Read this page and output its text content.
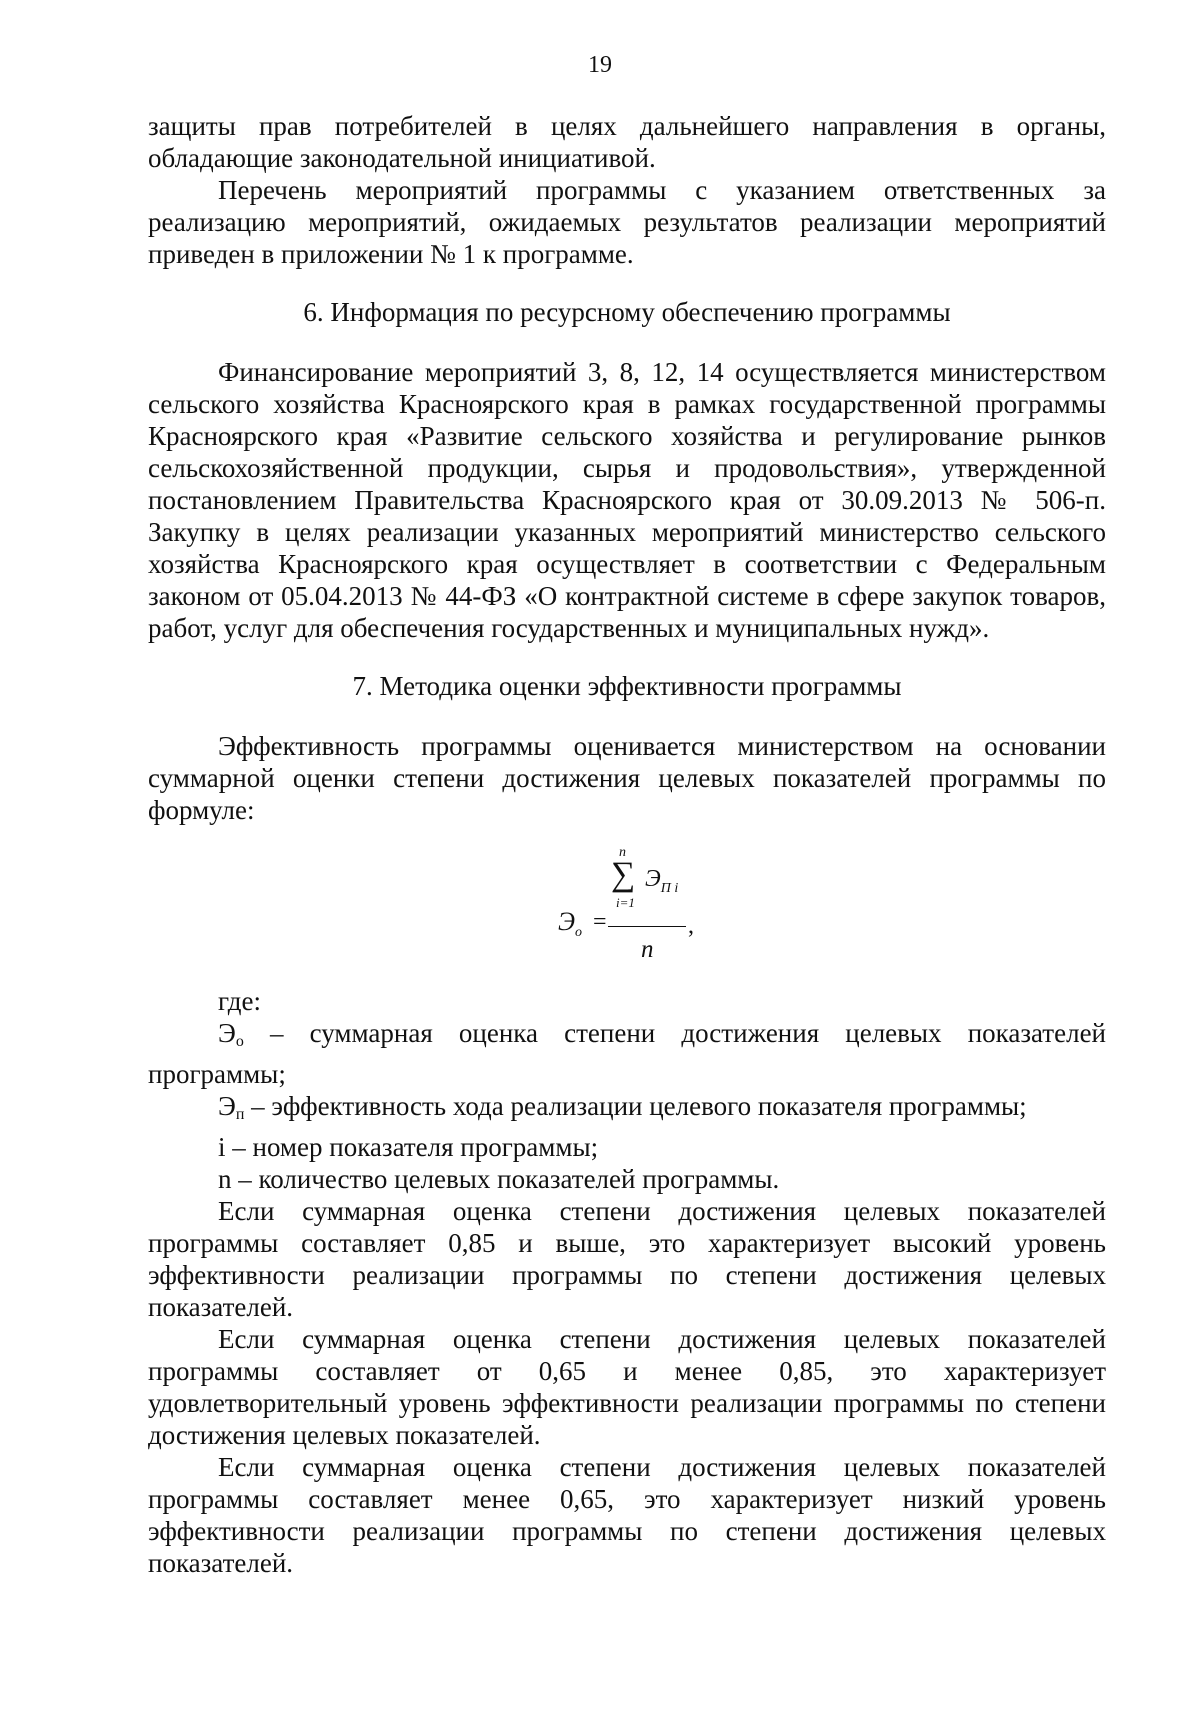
19

защиты прав потребителей в целях дальнейшего направления в органы, обладающие законодательной инициативой.

Перечень мероприятий программы с указанием ответственных за реализацию мероприятий, ожидаемых результатов реализации мероприятий приведен в приложении № 1 к программе.

6. Информация по ресурсному обеспечению программы

Финансирование мероприятий 3, 8, 12, 14 осуществляется министерством сельского хозяйства Красноярского края в рамках государственной программы Красноярского края «Развитие сельского хозяйства и регулирование рынков сельскохозяйственной продукции, сырья и продовольствия», утвержденной постановлением Правительства Красноярского края от 30.09.2013 № 506-п. Закупку в целях реализации указанных мероприятий министерство сельского хозяйства Красноярского края осуществляет в соответствии с Федеральным законом от 05.04.2013 № 44-ФЗ «О контрактной системе в сфере закупок товаров, работ, услуг для обеспечения государственных и муниципальных нужд».

7. Методика оценки эффективности программы

Эффективность программы оценивается министерством на основании суммарной оценки степени достижения целевых показателей программы по формуле:

n
∑ $Э_{П i}$
i=1
$Э_о$ =	,
n

где:

Эо – суммарная оценка степени достижения целевых показателей программы;

Эп – эффективность хода реализации целевого показателя программы;

i – номер показателя программы;

n – количество целевых показателей программы.

Если суммарная оценка степени достижения целевых показателей программы составляет 0,85 и выше, это характеризует высокий уровень эффективности реализации программы по степени достижения целевых показателей.

Если суммарная оценка степени достижения целевых показателей программы составляет от 0,65 и менее 0,85, это характеризует удовлетворительный уровень эффективности реализации программы по степени достижения целевых показателей.

Если суммарная оценка степени достижения целевых показателей программы составляет менее 0,65, это характеризует низкий уровень эффективности реализации программы по степени достижения целевых показателей.
